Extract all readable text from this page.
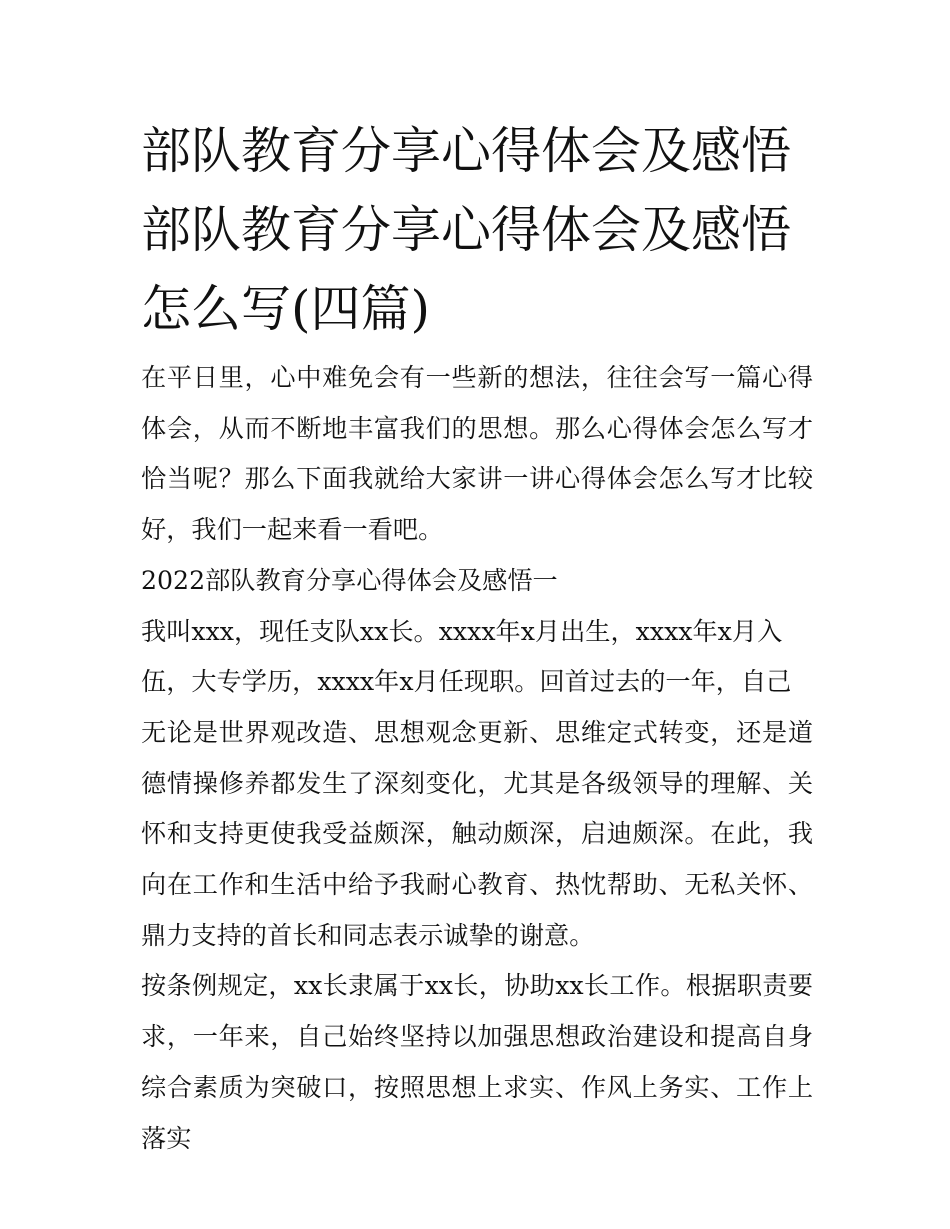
部队教育分享心得体会及感悟部队教育分享心得体会及感悟怎么写(四篇)

在平日里，心中难免会有一些新的想法，往往会写一篇心得体会，从而不断地丰富我们的思想。那么心得体会怎么写才恰当呢？那么下面我就给大家讲一讲心得体会怎么写才比较好，我们一起来看一看吧。

2022部队教育分享心得体会及感悟一

我叫xxx，现任支队xx长。xxxx年x月出生，xxxx年x月入

伍，大专学历，xxxx年x月任现职。回首过去的一年，自己

无论是世界观改造、思想观念更新、思维定式转变，还是道德情操修养都发生了深刻变化，尤其是各级领导的理解、关怀和支持更使我受益颇深，触动颇深，启迪颇深。在此，我向在工作和生活中给予我耐心教育、热忱帮助、无私关怀、鼎力支持的首长和同志表示诚挚的谢意。

按条例规定，xx长隶属于xx长，协助xx长工作。根据职责要求，一年来，自己始终坚持以加强思想政治建设和提高自身综合素质为突破口，按照思想上求实、作风上务实、工作上落实
